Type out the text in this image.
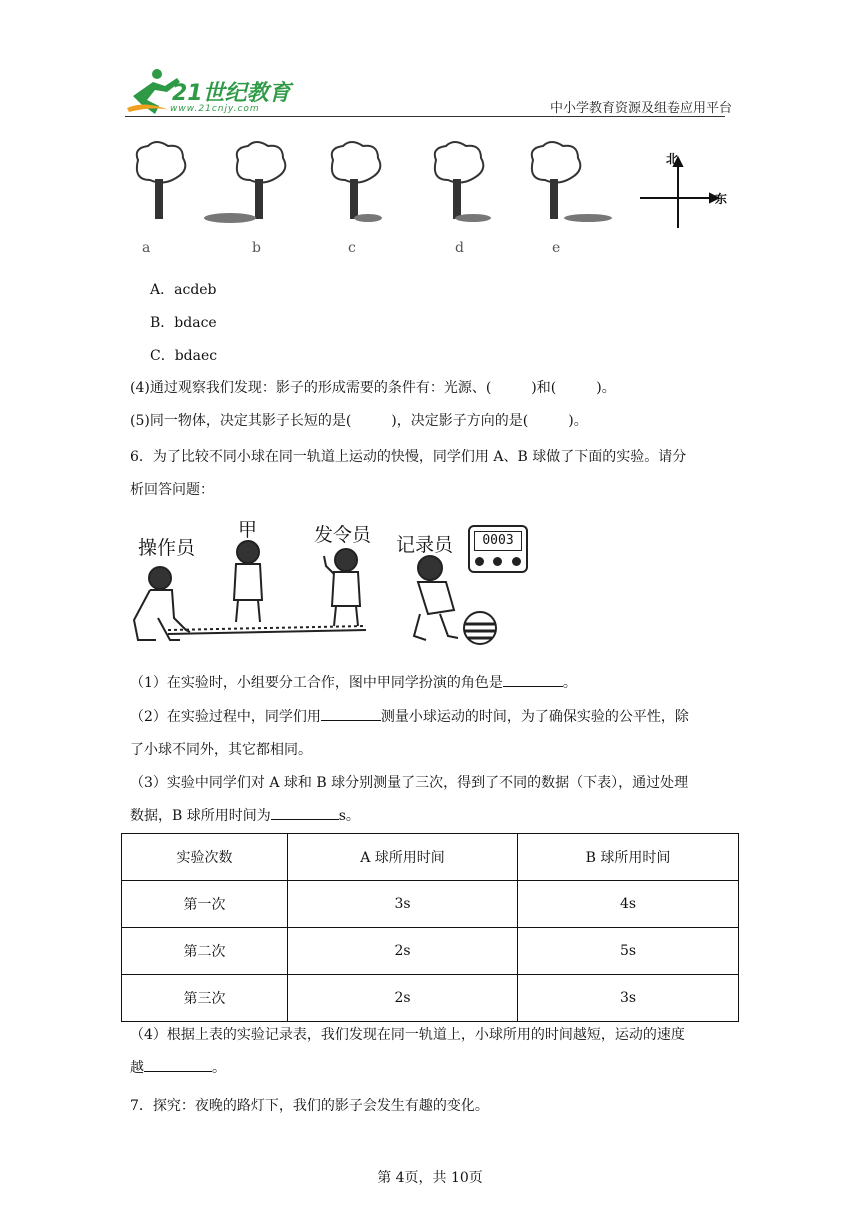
21世纪教育
www.21cnjy.com	中小学教育资源及组卷应用平台
a	b	c	d	e
北
东
A．acdeb
B．bdace
C．bdaec
(4)通过观察我们发现：影子的形成需要的条件有：光源、(	)和(	)。
(5)同一物体，决定其影子长短的是(	)，决定影子方向的是(	)。
6．为了比较不同小球在同一轨道上运动的快慢，同学们用 A、B 球做了下面的实验。请分
析回答问题：
操作员
甲	发令员 记录员	0003
（1）在实验时，小组要分工合作，图中甲同学扮演的角色是	。
（2）在实验过程中，同学们用	测量小球运动的时间，为了确保实验的公平性，除
了小球不同外，其它都相同。
（3）实验中同学们对 A 球和 B 球分别测量了三次，得到了不同的数据（下表），通过处理
数据，B 球所用时间为	s。
实验次数	A 球所用时间	B 球所用时间
第一次	3s	4s
第二次	2s	5s
第三次	2s	3s
（4）根据上表的实验记录表，我们发现在同一轨道上，小球所用的时间越短，运动的速度
越	。
7．探究：夜晚的路灯下，我们的影子会发生有趣的变化。
第 4页，共 10页
